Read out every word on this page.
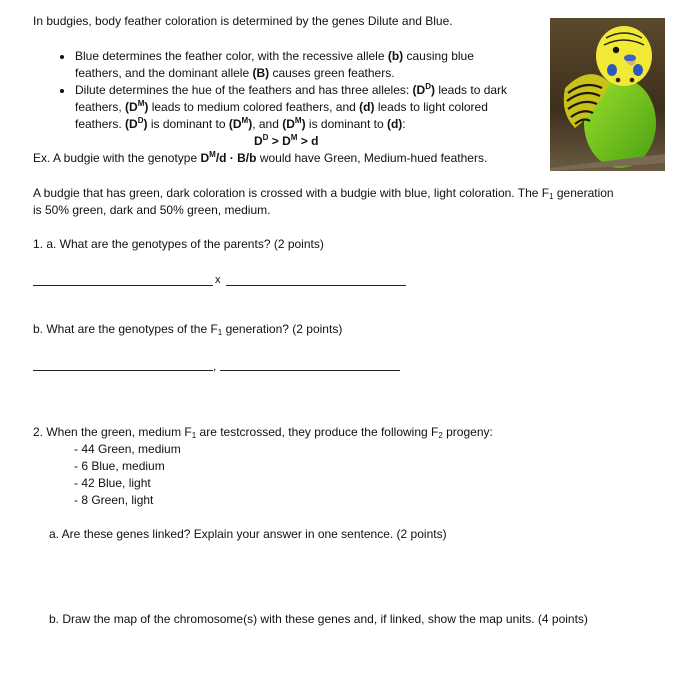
In budgies, body feather coloration is determined by the genes Dilute and Blue.
Blue determines the feather color, with the recessive allele (b) causing blue
feathers, and the dominant allele (B) causes green feathers.
Dilute determines the hue of the feathers and has three alleles: $(D^D)$ leads to dark
feathers, $(D^M)$ leads to medium colored feathers, and (d) leads to light colored
feathers. $(D^D)$ is dominant to $(D^M)$, and $(D^M)$ is dominant to (d):
$D^D > D^M > d$
Ex. A budgie with the genotype $D^M/d \cdot B/b$ would have Green, Medium-hued feathers.
A budgie that has green, dark coloration is crossed with a budgie with blue, light coloration. The $F_1$ generation
is 50% green, dark and 50% green, medium.
1. a. What are the genotypes of the parents? (2 points)
x
b. What are the genotypes of the $F_1$ generation? (2 points)
,
2. When the green, medium $F_1$ are testcrossed, they produce the following $F_2$ progeny:
- 44 Green, medium
- 6 Blue, medium
- 42 Blue, light
- 8 Green, light
a. Are these genes linked? Explain your answer in one sentence. (2 points)
b. Draw the map of the chromosome(s) with these genes and, if linked, show the map units. (4 points)
